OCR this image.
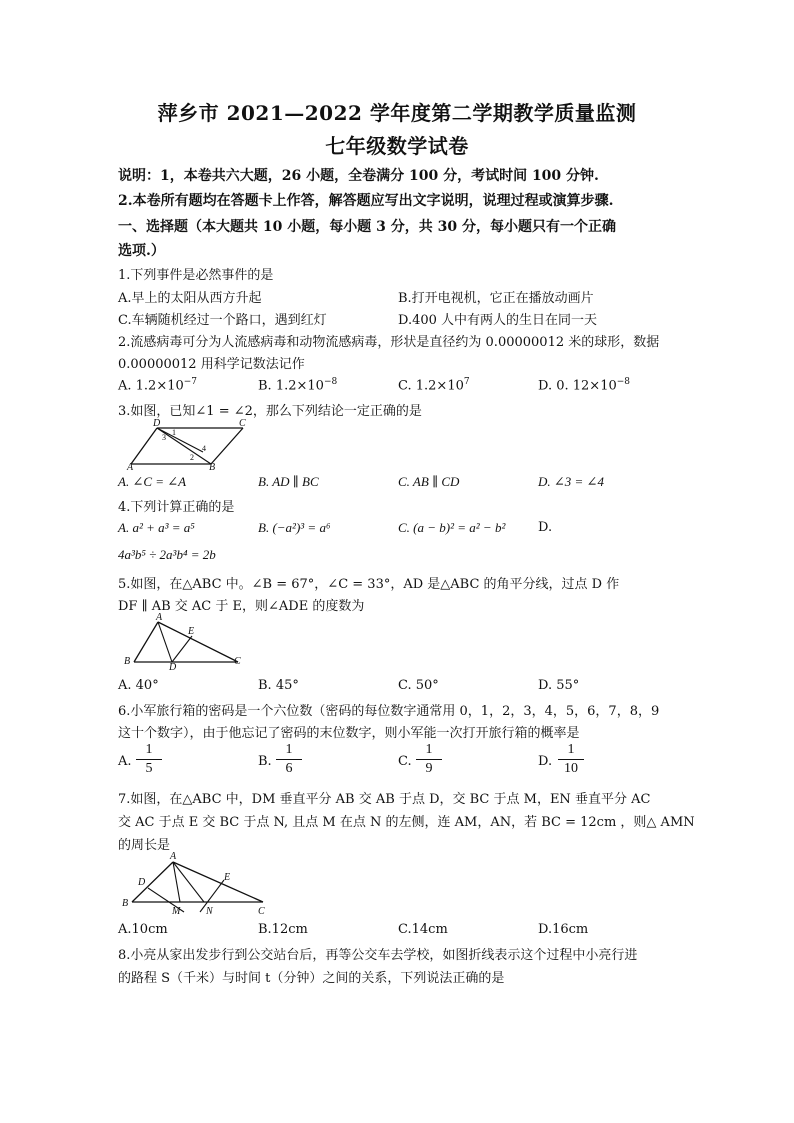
萍乡市 2021—2022 学年度第二学期教学质量监测
七年级数学试卷
说明：1，本卷共六大题，26 小题，全卷满分 100 分，考试时间 100 分钟.
2.本卷所有题均在答题卡上作答，解答题应写出文字说明，说理过程或演算步骤.
一、选择题（本大题共 10 小题，每小题 3 分，共 30 分，每小题只有一个正确
选项.）
1.下列事件是必然事件的是
A.早上的太阳从西方升起	B.打开电视机，它正在播放动画片
C.车辆随机经过一个路口，遇到红灯	D.400 人中有两人的生日在同一天
2.流感病毒可分为人流感病毒和动物流感病毒，形状是直径约为 0.00000012 米的球形，数据
0.00000012 用科学记数法记作
A. $1.2\times 10^{-7}$	B. $1.2\times 10^{-8}$	C. $1.2\times 10^7$	D. 0. $12\times 10^{-8}$
3.如图，已知∠1 = ∠2，那么下列结论一定正确的是
D	C
A	B
1
2
3
4
A. ∠C = ∠A	B. AD ∥ BC	C. AB ∥ CD	D. ∠3 = ∠4
4.下列计算正确的是
A. a² + a³ = a⁵	B. (−a²)³ = a⁶	C. (a − b)² = a² − b²	D.
4a³b⁵ ÷ 2a³b⁴ = 2b
5.如图，在△ABC 中。∠B = 67°，∠C = 33°，AD 是△ABC 的角平分线，过点 D 作
DF ∥ AB 交 AC 于 E，则∠ADE 的度数为
A
E
B
D
C
A. 40°	B. 45°	C. 50°	D. 55°
6.小军旅行箱的密码是一个六位数（密码的每位数字通常用 0，1，2，3，4，5，6，7，8，9
这十个数字），由于他忘记了密码的末位数字，则小军能一次打开旅行箱的概率是
A. $\frac{1}{5}$	B. $\frac{1}{6}$	C. $\frac{1}{9}$	D. $\frac{1}{10}$
7.如图，在△ABC 中，DM 垂直平分 AB 交 AB 于点 D，交 BC 于点 M，EN 垂直平分 AC
交 AC 于点 E 交 BC 于点 N, 且点 M 在点 N 的左侧，连 AM，AN，若 BC = 12cm ，则△ AMN
的周长是
A
D	E
B
M	N	C
A.10cm	B.12cm	C.14cm	D.16cm
8.小亮从家出发步行到公交站台后，再等公交车去学校，如图折线表示这个过程中小亮行进
的路程 S（千米）与时间 t（分钟）之间的关系，下列说法正确的是
